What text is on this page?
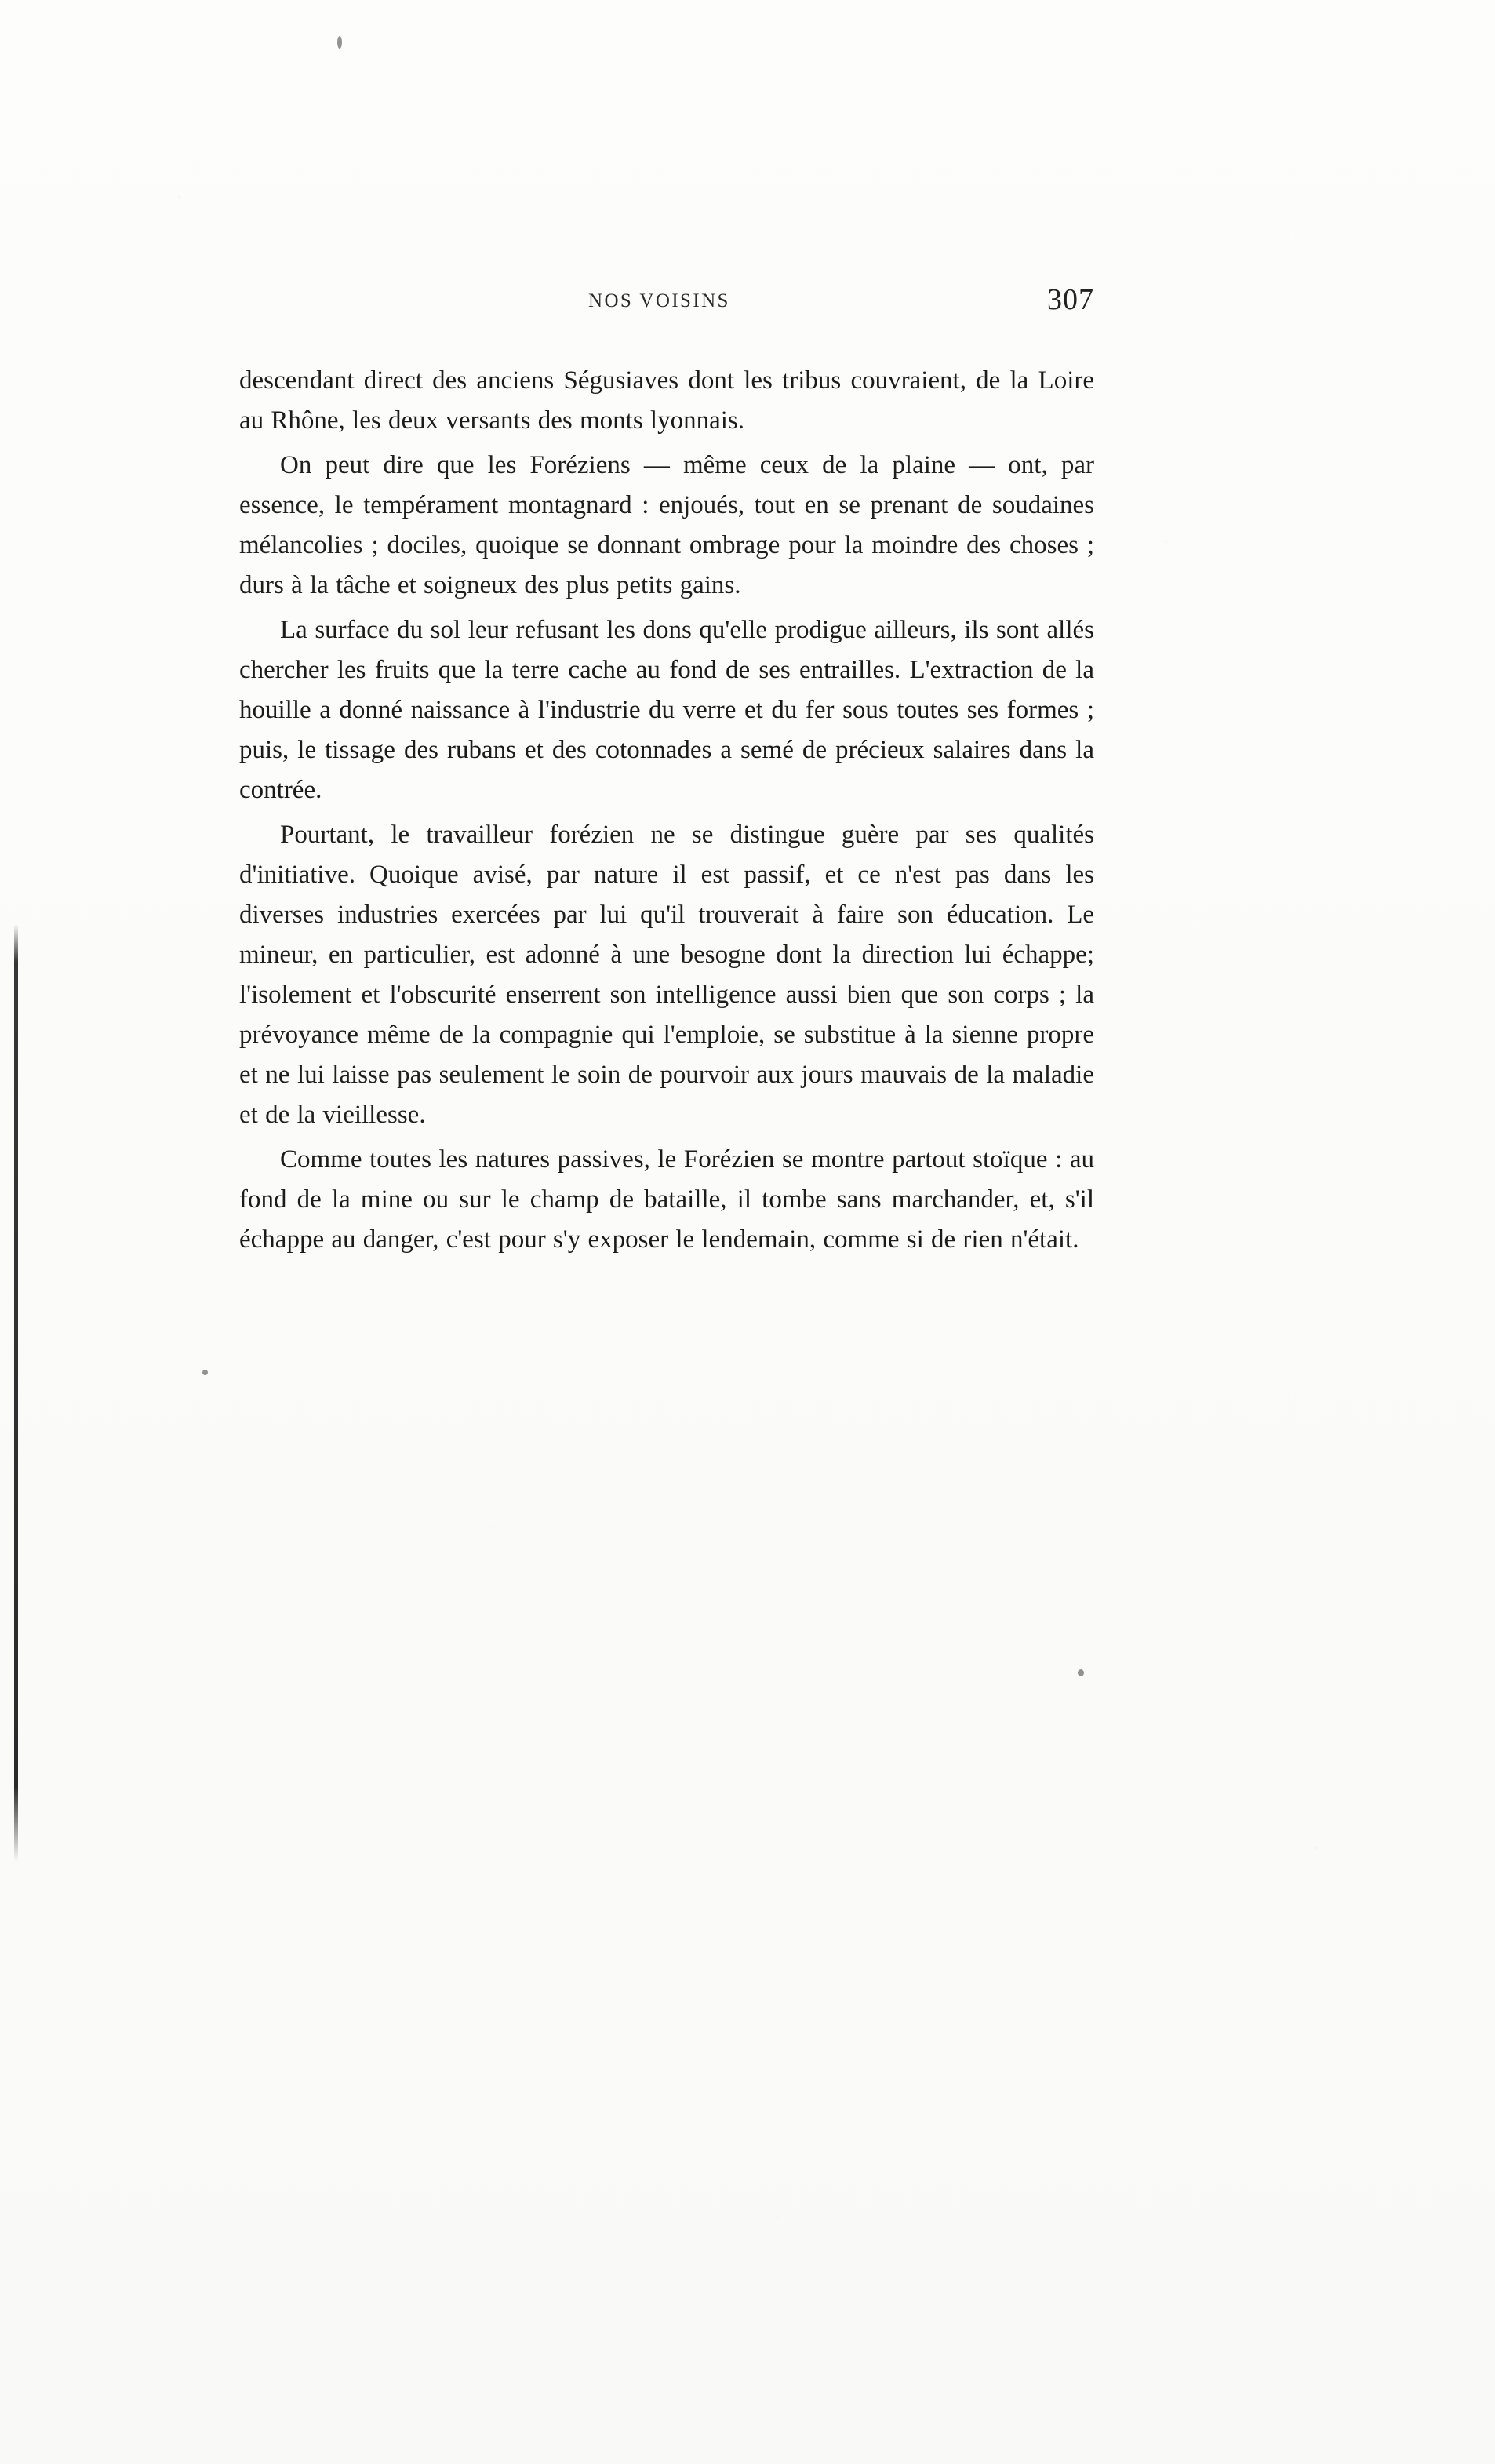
NOS VOISINS	307

descendant direct des anciens Ségusiaves dont les tribus couvraient, de la Loire au Rhône, les deux versants des monts lyonnais.

On peut dire que les Foréziens — même ceux de la plaine — ont, par essence, le tempérament montagnard : enjoués, tout en se prenant de soudaines mélancolies ; dociles, quoique se donnant ombrage pour la moindre des choses ; durs à la tâche et soigneux des plus petits gains.

La surface du sol leur refusant les dons qu'elle prodigue ailleurs, ils sont allés chercher les fruits que la terre cache au fond de ses entrailles. L'extraction de la houille a donné naissance à l'industrie du verre et du fer sous toutes ses formes ; puis, le tissage des rubans et des cotonnades a semé de précieux salaires dans la contrée.

Pourtant, le travailleur forézien ne se distingue guère par ses qualités d'initiative. Quoique avisé, par nature il est passif, et ce n'est pas dans les diverses industries exercées par lui qu'il trouverait à faire son éducation. Le mineur, en particulier, est adonné à une besogne dont la direction lui échappe; l'isolement et l'obscurité enserrent son intelligence aussi bien que son corps ; la prévoyance même de la compagnie qui l'emploie, se substitue à la sienne propre et ne lui laisse pas seulement le soin de pourvoir aux jours mauvais de la maladie et de la vieillesse.

Comme toutes les natures passives, le Forézien se montre partout stoïque : au fond de la mine ou sur le champ de bataille, il tombe sans marchander, et, s'il échappe au danger, c'est pour s'y exposer le lendemain, comme si de rien n'était.
